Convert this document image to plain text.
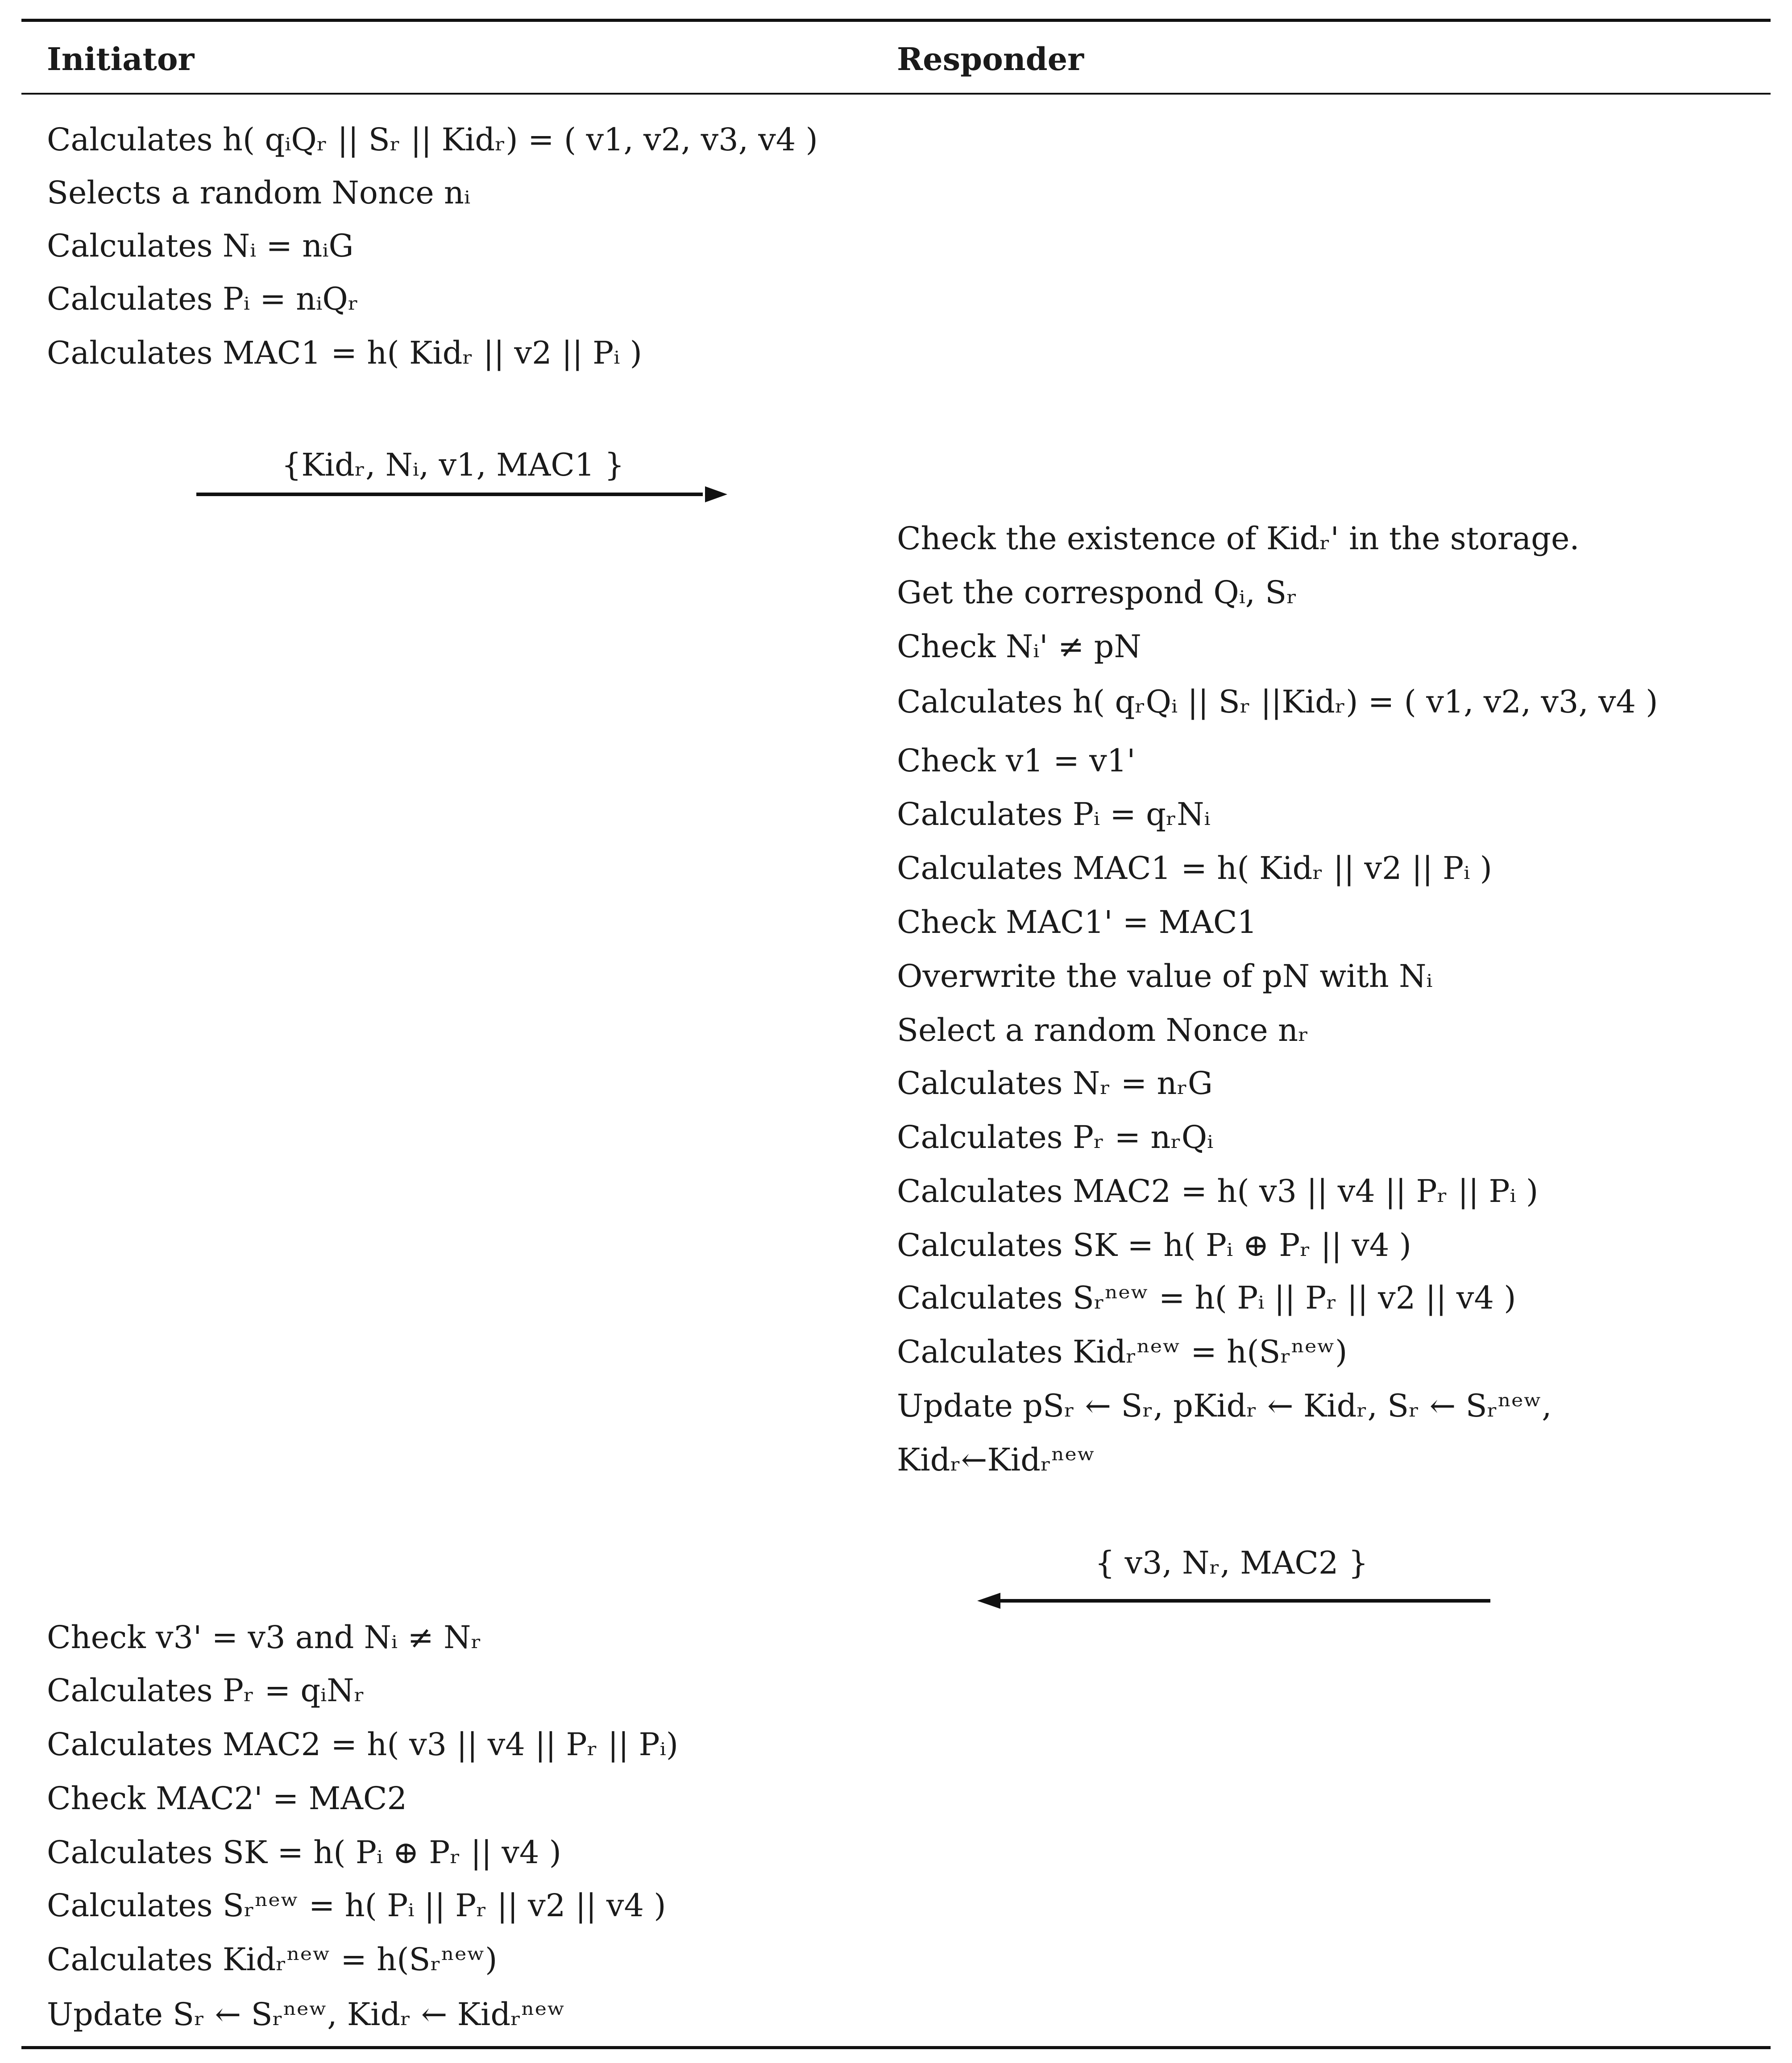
Initiator	Responder
Calculates h( qᵢQᵣ || Sᵣ || Kidᵣ) = ( v1, v2, v3, v4 )
Selects a random Nonce nᵢ
Calculates Nᵢ = nᵢG
Calculates Pᵢ = nᵢQᵣ
Calculates MAC1 = h( Kidᵣ || v2 || Pᵢ )
{Kidᵣ, Nᵢ, v1, MAC1 }
Check the existence of Kidᵣ' in the storage.
Get the correspond Qᵢ, Sᵣ
Check Nᵢ' ≠ pN
Calculates h( qᵣQᵢ || Sᵣ ||Kidᵣ) = ( v1, v2, v3, v4 )
Check v1 = v1'
Calculates Pᵢ = qᵣNᵢ
Calculates MAC1 = h( Kidᵣ || v2 || Pᵢ )
Check MAC1' = MAC1
Overwrite the value of pN with Nᵢ
Select a random Nonce nᵣ
Calculates Nᵣ = nᵣG
Calculates Pᵣ = nᵣQᵢ
Calculates MAC2 = h( v3 || v4 || Pᵣ || Pᵢ )
Calculates SK = h( Pᵢ ⊕ Pᵣ || v4 )
Calculates Sᵣⁿᵉʷ = h( Pᵢ || Pᵣ || v2 || v4 )
Calculates Kidᵣⁿᵉʷ = h(Sᵣⁿᵉʷ)
Update pSᵣ ← Sᵣ, pKidᵣ ← Kidᵣ, Sᵣ ← Sᵣⁿᵉʷ,
Kidᵣ←Kidᵣⁿᵉʷ
{ v3, Nᵣ, MAC2 }
Check v3' = v3 and Nᵢ ≠ Nᵣ
Calculates Pᵣ = qᵢNᵣ
Calculates MAC2 = h( v3 || v4 || Pᵣ || Pᵢ)
Check MAC2' = MAC2
Calculates SK = h( Pᵢ ⊕ Pᵣ || v4 )
Calculates Sᵣⁿᵉʷ = h( Pᵢ || Pᵣ || v2 || v4 )
Calculates Kidᵣⁿᵉʷ = h(Sᵣⁿᵉʷ)
Update Sᵣ ← Sᵣⁿᵉʷ, Kidᵣ ← Kidᵣⁿᵉʷ
